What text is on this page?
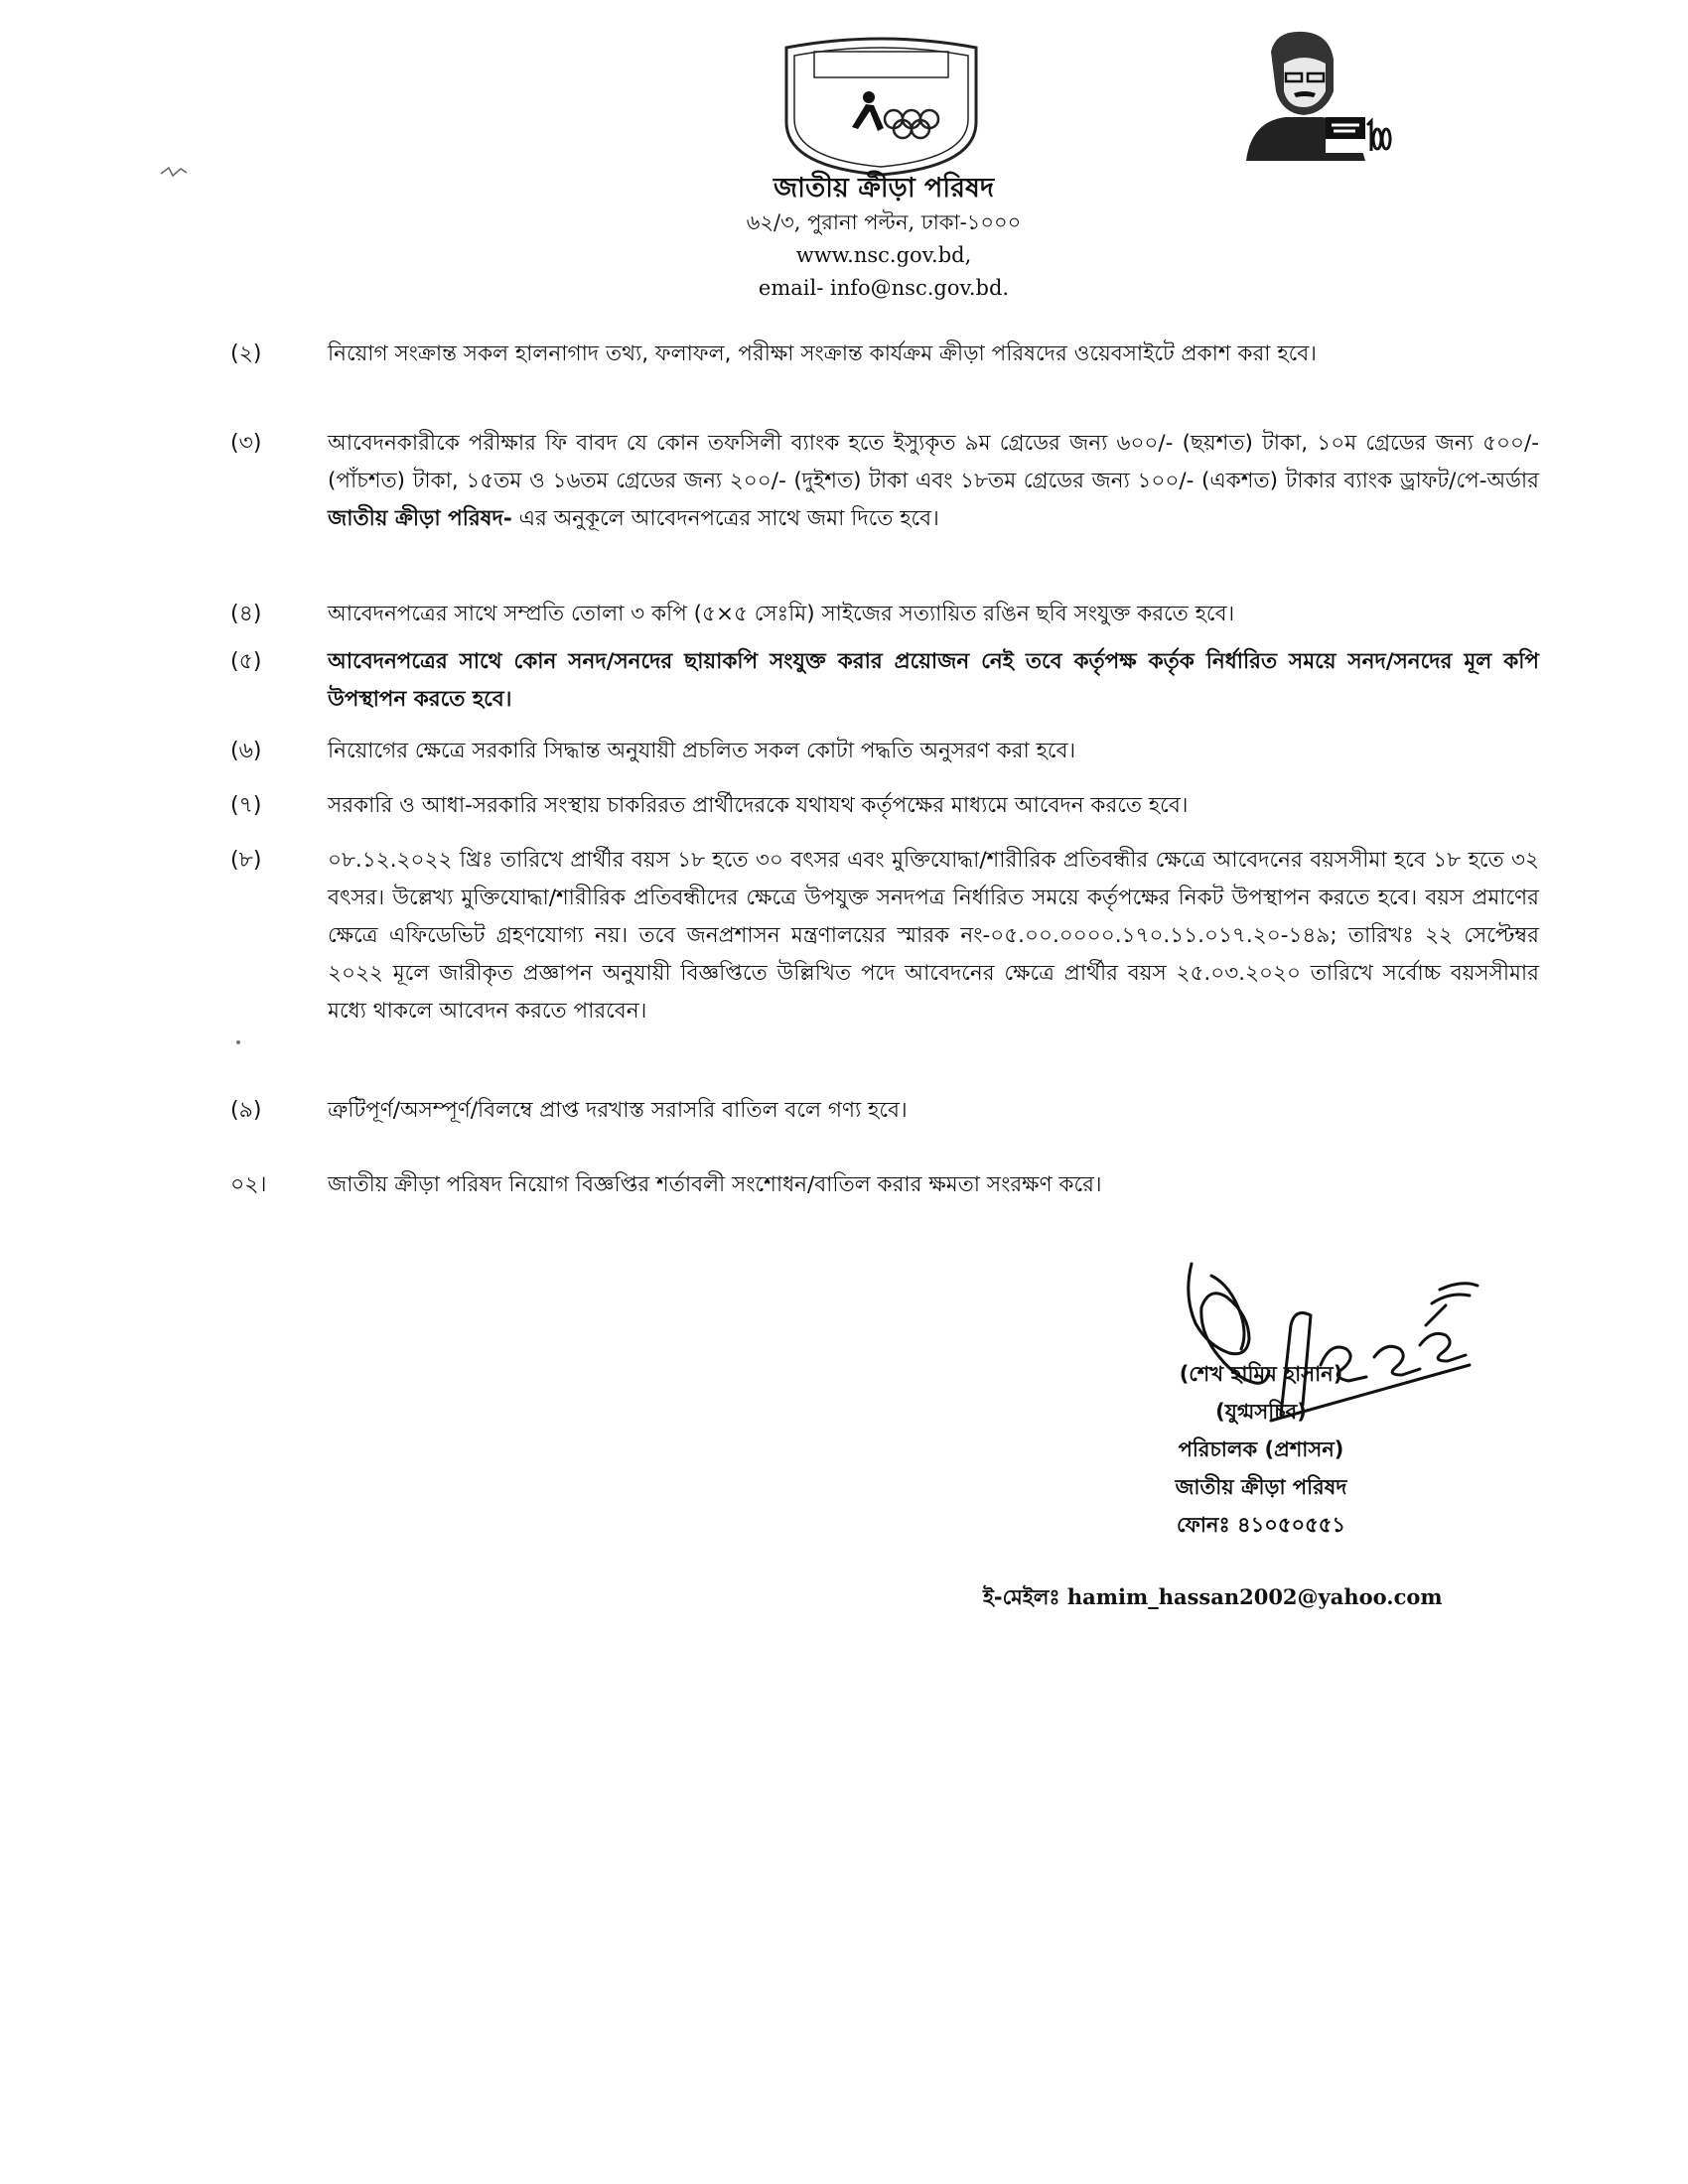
জাতীয় ক্রীড়া পরিষদ
৬২/৩, পুরানা পল্টন, ঢাকা-১০০০
www.nsc.gov.bd,
email- info@nsc.gov.bd.
(২)	নিয়োগ সংক্রান্ত সকল হালনাগাদ তথ্য, ফলাফল, পরীক্ষা সংক্রান্ত কার্যক্রম ক্রীড়া পরিষদের ওয়েবসাইটে প্রকাশ করা হবে।
(৩)	আবেদনকারীকে পরীক্ষার ফি বাবদ যে কোন তফসিলী ব্যাংক হতে ইস্যুকৃত ৯ম গ্রেডের জন্য ৬০০/- (ছয়শত) টাকা, ১০ম গ্রেডের জন্য ৫০০/- (পাঁচশত) টাকা, ১৫তম ও ১৬তম গ্রেডের জন্য ২০০/- (দুইশত) টাকা এবং ১৮তম গ্রেডের জন্য ১০০/- (একশত) টাকার ব্যাংক ড্রাফট/পে-অর্ডার জাতীয় ক্রীড়া পরিষদ- এর অনুকূলে আবেদনপত্রের সাথে জমা দিতে হবে।
(৪)	আবেদনপত্রের সাথে সম্প্রতি তোলা ৩ কপি (৫×৫ সেঃমি) সাইজের সত্যায়িত রঙিন ছবি সংযুক্ত করতে হবে।
(৫)	আবেদনপত্রের সাথে কোন সনদ/সনদের ছায়াকপি সংযুক্ত করার প্রয়োজন নেই তবে কর্তৃপক্ষ কর্তৃক নির্ধারিত সময়ে সনদ/সনদের মূল কপি উপস্থাপন করতে হবে।
(৬)	নিয়োগের ক্ষেত্রে সরকারি সিদ্ধান্ত অনুযায়ী প্রচলিত সকল কোটা পদ্ধতি অনুসরণ করা হবে।
(৭)	সরকারি ও আধা-সরকারি সংস্থায় চাকরিরত প্রার্থীদেরকে যথাযথ কর্তৃপক্ষের মাধ্যমে আবেদন করতে হবে।
(৮)	০৮.১২.২০২২ খ্রিঃ তারিখে প্রার্থীর বয়স ১৮ হতে ৩০ বৎসর এবং মুক্তিযোদ্ধা/শারীরিক প্রতিবন্ধীর ক্ষেত্রে আবেদনের বয়সসীমা হবে ১৮ হতে ৩২ বৎসর। উল্লেখ্য মুক্তিযোদ্ধা/শারীরিক প্রতিবন্ধীদের ক্ষেত্রে উপযুক্ত সনদপত্র নির্ধারিত সময়ে কর্তৃপক্ষের নিকট উপস্থাপন করতে হবে। বয়স প্রমাণের ক্ষেত্রে এফিডেভিট গ্রহণযোগ্য নয়। তবে জনপ্রশাসন মন্ত্রণালয়ের স্মারক নং-০৫.০০.০০০০.১৭০.১১.০১৭.২০-১৪৯; তারিখঃ ২২ সেপ্টেম্বর ২০২২ মূলে জারীকৃত প্রজ্ঞাপন অনুযায়ী বিজ্ঞপ্তিতে উল্লিখিত পদে আবেদনের ক্ষেত্রে প্রার্থীর বয়স ২৫.০৩.২০২০ তারিখে সর্বোচ্চ বয়সসীমার মধ্যে থাকলে আবেদন করতে পারবেন।
(৯)	ত্রুটিপূর্ণ/অসম্পূর্ণ/বিলম্বে প্রাপ্ত দরখাস্ত সরাসরি বাতিল বলে গণ্য হবে।
০২।	জাতীয় ক্রীড়া পরিষদ নিয়োগ বিজ্ঞপ্তির শর্তাবলী সংশোধন/বাতিল করার ক্ষমতা সংরক্ষণ করে।
(শেখ হামিম হাসান)
(যুগ্মসচিব)
পরিচালক (প্রশাসন)
জাতীয় ক্রীড়া পরিষদ
ফোনঃ ৪১০৫০৫৫১
ই-মেইলঃ hamim_hassan2002@yahoo.com
